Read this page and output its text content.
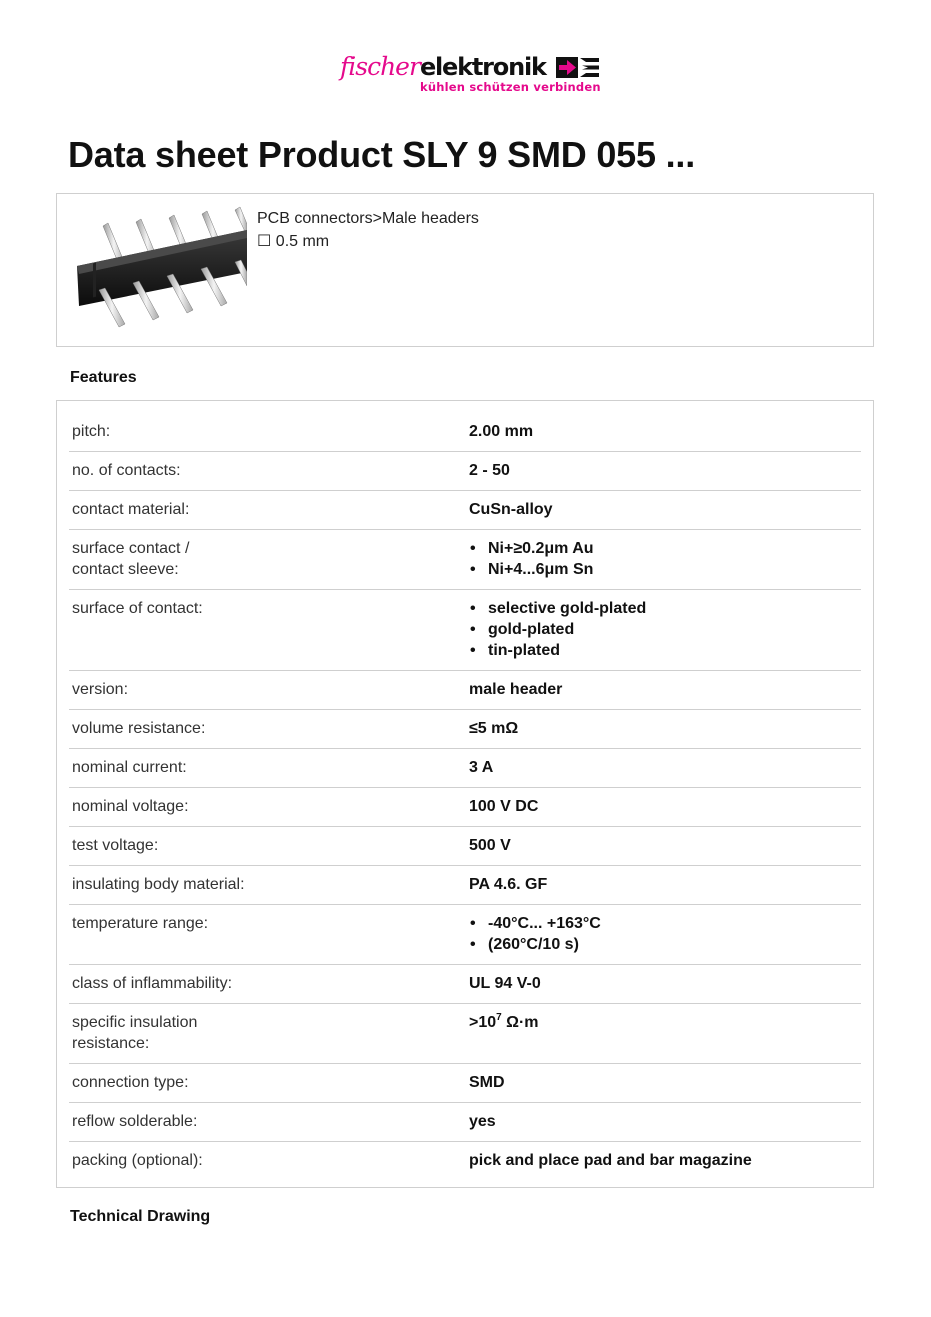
fischerelektronik
kühlen schützen verbinden
Data sheet Product SLY 9 SMD 055 ...
PCB connectors>Male headers
☐ 0.5 mm
Features
pitch:	2.00 mm
no. of contacts:	2 - 50
contact material:	CuSn-alloy
surface contact /
contact sleeve:
• Ni+≥0.2μm Au
• Ni+4...6μm Sn
surface of contact:	• selective gold-plated
• gold-plated
• tin-plated
version:	male header
volume resistance:	≤5 mΩ
nominal current:	3 A
nominal voltage:	100 V DC
test voltage:	500 V
insulating body material:	PA 4.6. GF
temperature range:	• -40°C... +163°C
• (260°C/10 s)
class of inflammability:	UL 94 V-0
specific insulation
resistance:
$>10^7$ Ω·m
connection type:	SMD
reflow solderable:	yes
packing (optional):	pick and place pad and bar magazine
Technical Drawing
